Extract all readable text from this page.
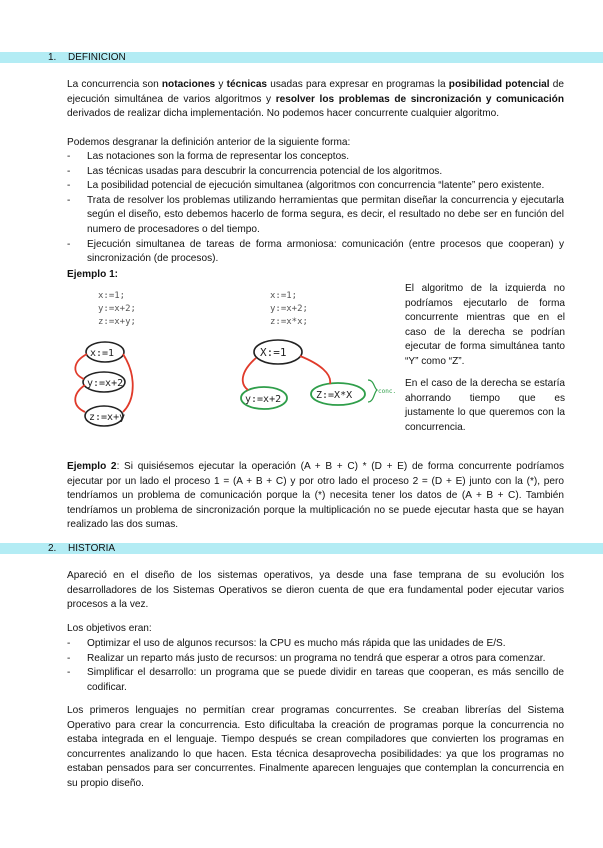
1. DEFINICION
La concurrencia son notaciones y técnicas usadas para expresar en programas la posibilidad potencial de ejecución simultánea de varios algoritmos y resolver los problemas de sincronización y comunicación derivados de realizar dicha implementación. No podemos hacer concurrente cualquier algoritmo.
Podemos desgranar la definición anterior de la siguiente forma:
- Las notaciones son la forma de representar los conceptos.
- Las técnicas usadas para descubrir la concurrencia potencial de los algoritmos.
- La posibilidad potencial de ejecución simultanea (algoritmos con concurrencia “latente” pero existente.
- Trata de resolver los problemas utilizando herramientas que permitan diseñar la concurrencia y ejecutarla según el diseño, esto debemos hacerlo de forma segura, es decir, el resultado no debe ser en función del numero de procesadores o del tiempo.
- Ejecución simultanea de tareas de forma armoniosa: comunicación (entre procesos que cooperan) y sincronización (de procesos).
Ejemplo 1:
x:=1;
y:=x+2;
z:=x+y;
x:=1
y:=x+2
z:=x+y
x:=1;
y:=x+2;
z:=x*x;
X:=1
y:=x+2	Z:=X*X	conc.
El algoritmo de la izquierda no podríamos ejecutarlo de forma concurrente mientras que en el caso de la derecha se podrían ejecutar de forma simultánea tanto “Y” como “Z”.
En el caso de la derecha se estaría ahorrando tiempo que es justamente lo que queremos con la concurrencia.
Ejemplo 2: Si quisiésemos ejecutar la operación (A + B + C) * (D + E) de forma concurrente podríamos ejecutar por un lado el proceso 1 = (A + B + C) y por otro lado el proceso 2 = (D + E) junto con la (*), pero tendríamos un problema de comunicación porque la (*) necesita tener los datos de (A + B + C). También tendríamos un problema de sincronización porque la multiplicación no se puede ejecutar hasta que se hayan realizado las dos sumas.
2. HISTORIA
Apareció en el diseño de los sistemas operativos, ya desde una fase temprana de su evolución los desarrolladores de los Sistemas Operativos se dieron cuenta de que era fundamental poder ejecutar varios procesos a la vez.
Los objetivos eran:
- Optimizar el uso de algunos recursos: la CPU es mucho más rápida que las unidades de E/S.
- Realizar un reparto más justo de recursos: un programa no tendrá que esperar a otros para comenzar.
- Simplificar el desarrollo: un programa que se puede dividir en tareas que cooperan, es más sencillo de codificar.
Los primeros lenguajes no permitían crear programas concurrentes. Se creaban librerías del Sistema Operativo para crear la concurrencia. Esto dificultaba la creación de programas porque la concurrencia no estaba integrada en el lenguaje. Tiempo después se crean compiladores que convierten los programas en concurrentes analizando lo que hacen. Esta técnica desaprovecha posibilidades: ya que los programas no estaban pensados para ser concurrentes. Finalmente aparecen lenguajes que contemplan la concurrencia en su propio diseño.
